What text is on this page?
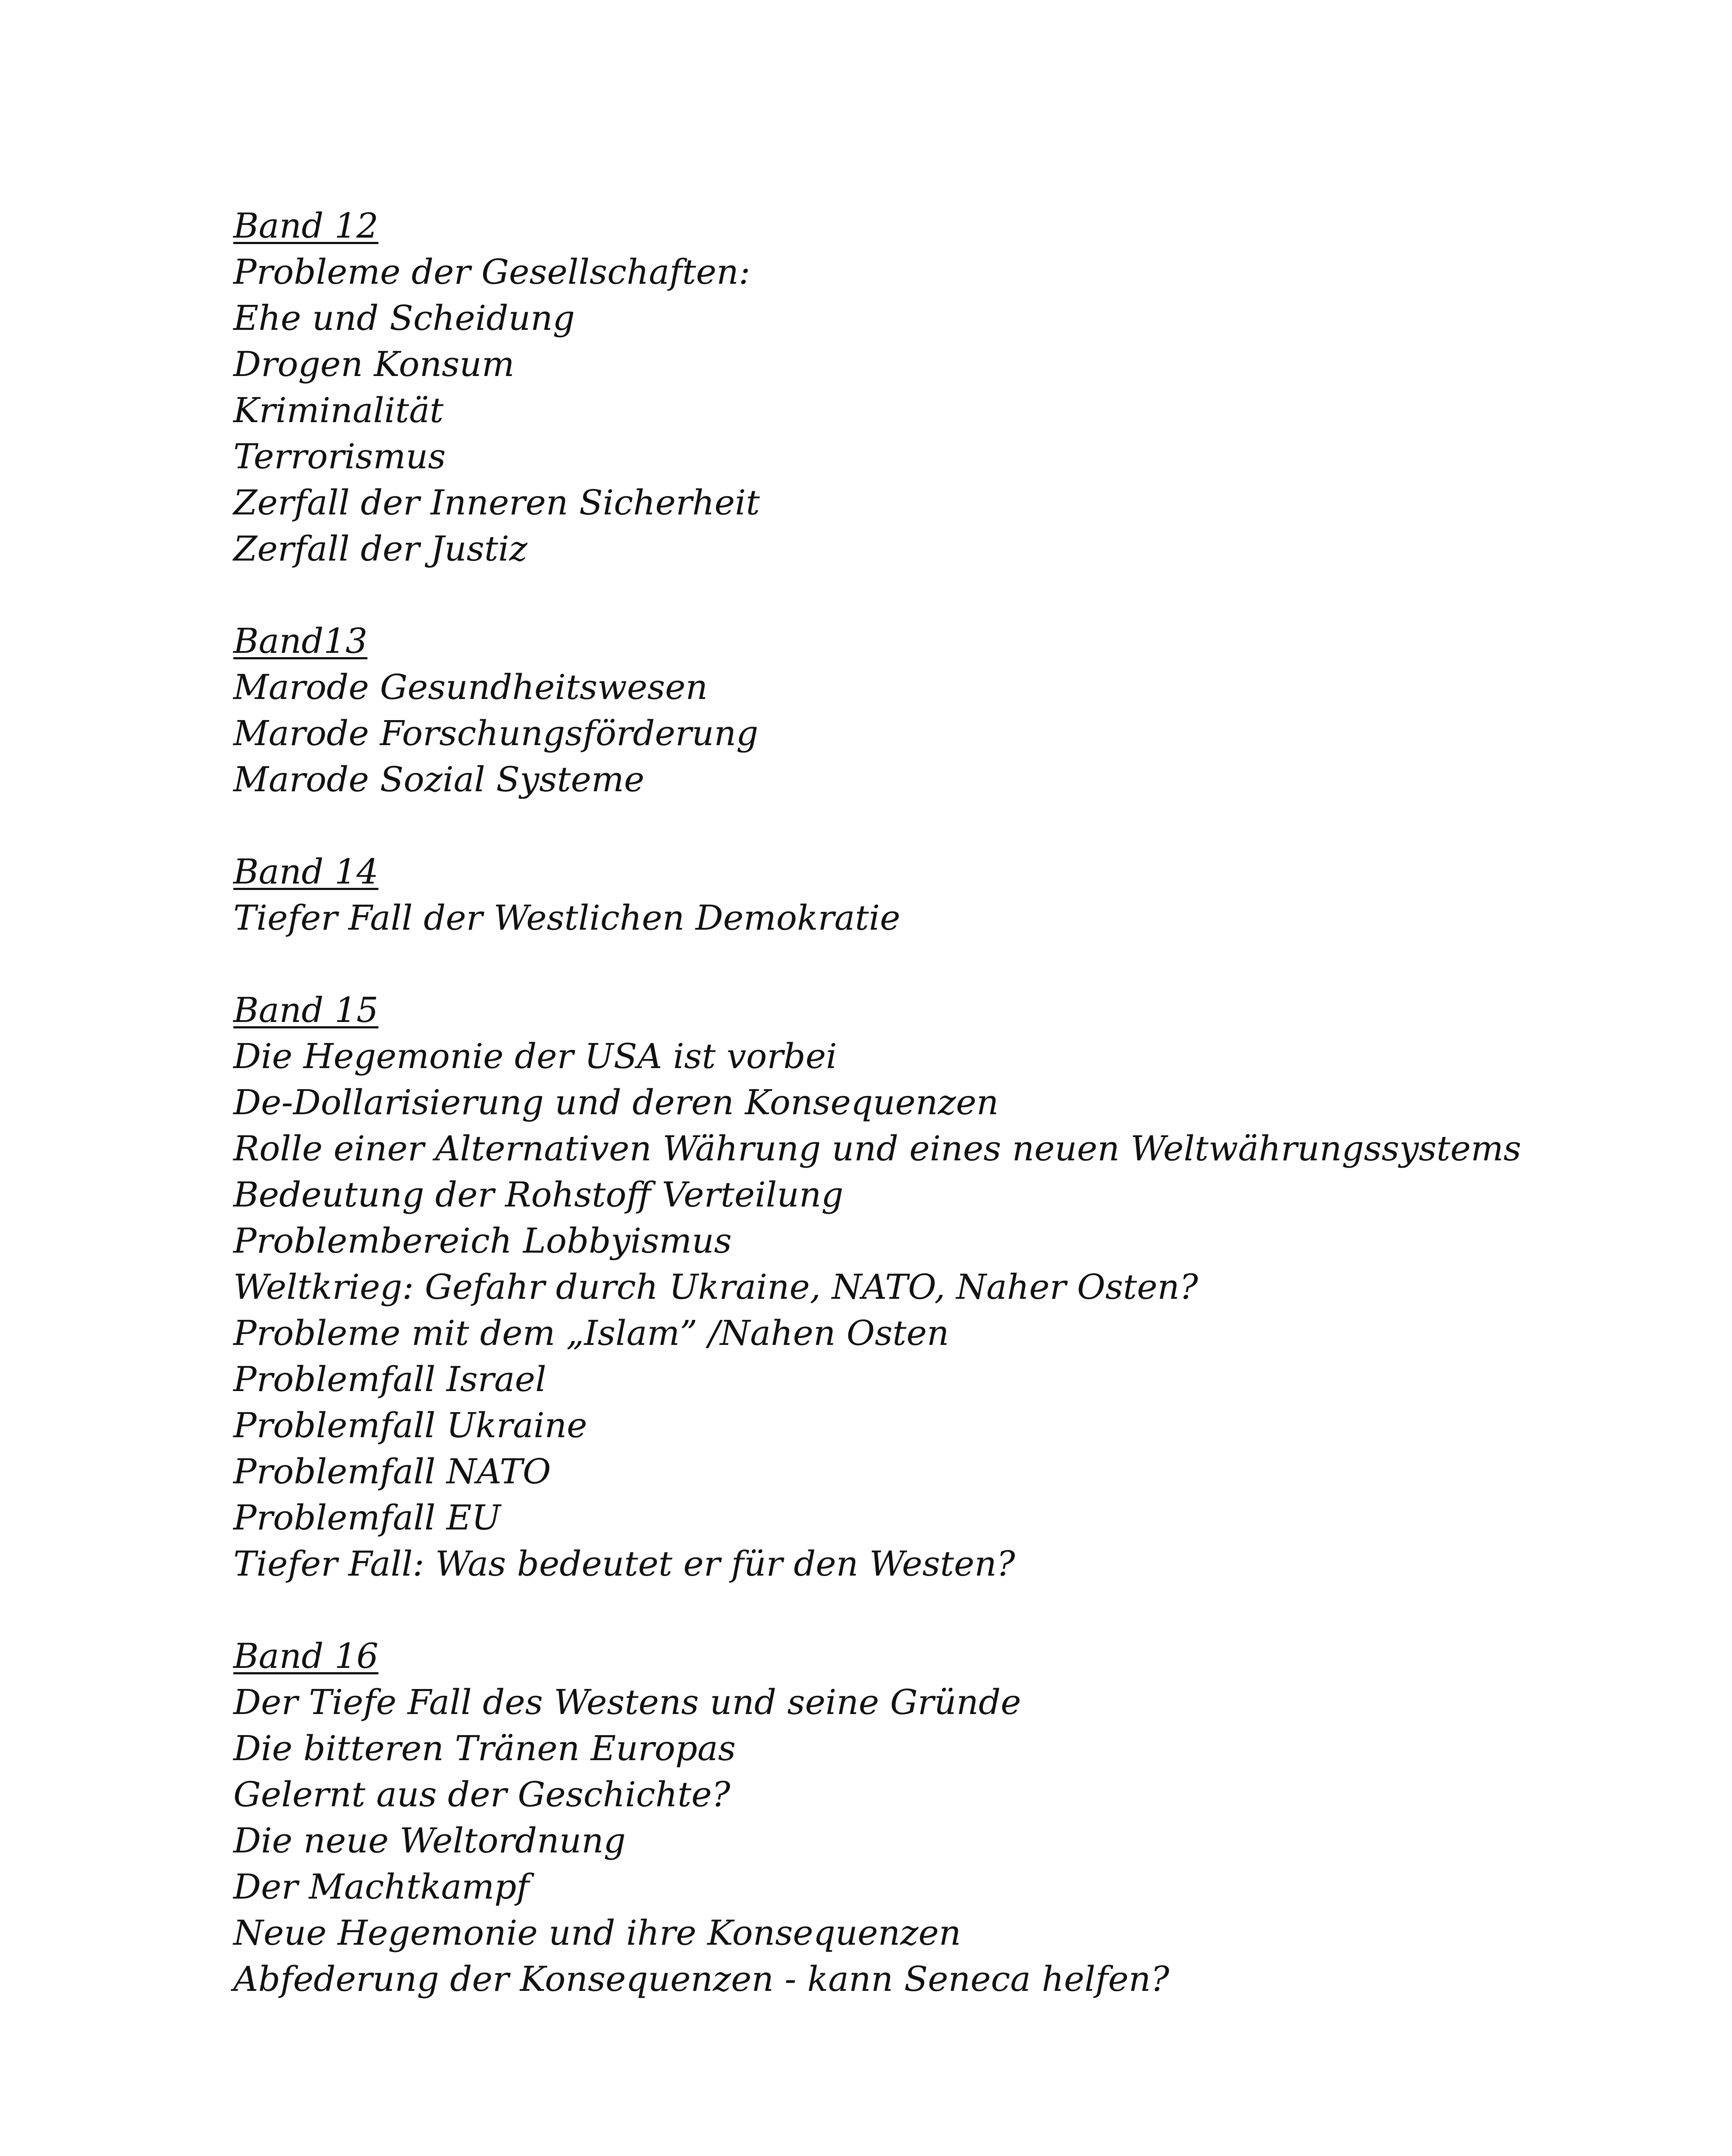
Band 12
Probleme der Gesellschaften:
Ehe und Scheidung
Drogen Konsum
Kriminalität
Terrorismus
Zerfall der Inneren Sicherheit
Zerfall der Justiz
Band13
Marode Gesundheitswesen
Marode Forschungsförderung
Marode Sozial Systeme
Band 14
Tiefer Fall der Westlichen Demokratie
Band 15
Die Hegemonie der USA ist vorbei
De-Dollarisierung und deren Konsequenzen
Rolle einer Alternativen Währung und eines neuen Weltwährungssystems
Bedeutung der Rohstoff Verteilung
Problembereich Lobbyismus
Weltkrieg: Gefahr durch Ukraine, NATO, Naher Osten?
Probleme mit dem „Islam” /Nahen Osten
Problemfall Israel
Problemfall Ukraine
Problemfall NATO
Problemfall EU
Tiefer Fall: Was bedeutet er für den Westen?
Band 16
Der Tiefe Fall des Westens und seine Gründe
Die bitteren Tränen Europas
Gelernt aus der Geschichte?
Die neue Weltordnung
Der Machtkampf
Neue Hegemonie und ihre Konsequenzen
Abfederung der Konsequenzen - kann Seneca helfen?
